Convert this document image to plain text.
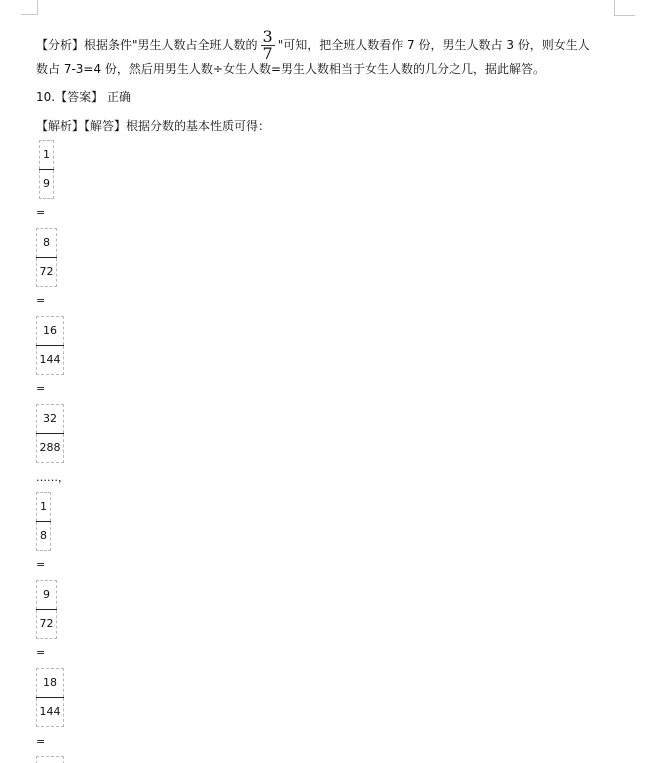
【分析】根据条件"男生人数占全班人数的 $\frac{3}{7}$ "可知，把全班人数看作 7 份，男生人数占 3 份，则女生人
数占 7-3=4 份，然后用男生人数÷女生人数=男生人数相当于女生人数的几分之几，据此解答。
10.【答案】 正确
【解析】【解答】根据分数的基本性质可得：
1
9
=
8
72
=
16
144
=
32
288
……，
1
8
=
9
72
=
18
144
=
